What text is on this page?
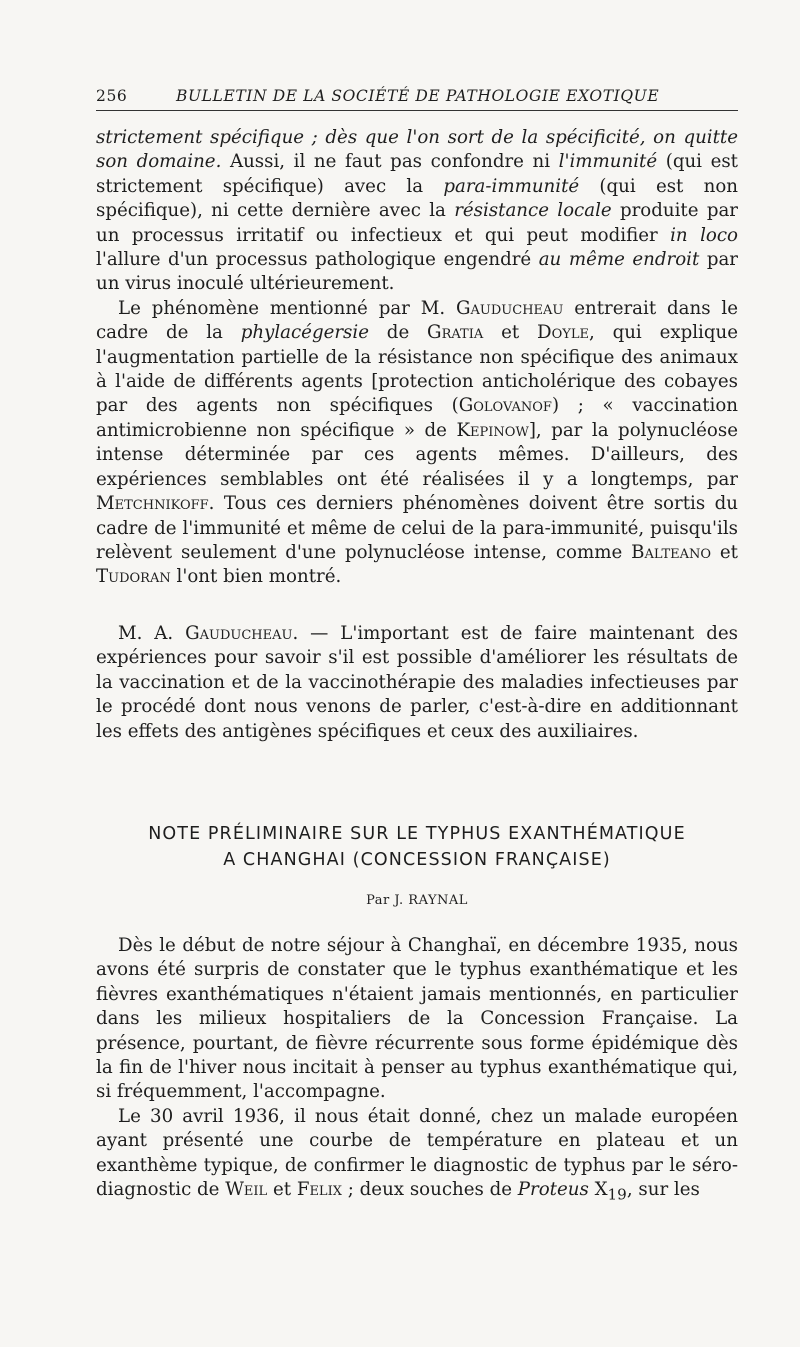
256	BULLETIN DE LA SOCIÉTÉ DE PATHOLOGIE EXOTIQUE

strictement spécifique ; dès que l'on sort de la spécificité, on quitte son domaine. Aussi, il ne faut pas confondre ni l'immunité (qui est strictement spécifique) avec la para-immunité (qui est non spécifique), ni cette dernière avec la résistance locale produite par un processus irritatif ou infectieux et qui peut modifier in loco l'allure d'un processus pathologique engendré au même endroit par un virus inoculé ultérieurement.

Le phénomène mentionné par M. Gauducheau entrerait dans le cadre de la phylacégersie de Gratia et Doyle, qui explique l'augmentation partielle de la résistance non spécifique des animaux à l'aide de différents agents [protection anticholérique des cobayes par des agents non spécifiques (Golovanof) ; « vaccination antimicrobienne non spécifique » de Kepinow], par la polynucléose intense déterminée par ces agents mêmes. D'ailleurs, des expériences semblables ont été réalisées il y a longtemps, par Metchnikoff. Tous ces derniers phénomènes doivent être sortis du cadre de l'immunité et même de celui de la para-immunité, puisqu'ils relèvent seulement d'une polynucléose intense, comme Balteano et Tudoran l'ont bien montré.

M. A. Gauducheau. — L'important est de faire maintenant des expériences pour savoir s'il est possible d'améliorer les résultats de la vaccination et de la vaccinothérapie des maladies infectieuses par le procédé dont nous venons de parler, c'est-à-dire en additionnant les effets des antigènes spécifiques et ceux des auxiliaires.

NOTE PRÉLIMINAIRE SUR LE TYPHUS EXANTHÉMATIQUE
A CHANGHAI (CONCESSION FRANÇAISE)
Par J. RAYNAL

Dès le début de notre séjour à Changhaï, en décembre 1935, nous avons été surpris de constater que le typhus exanthématique et les fièvres exanthématiques n'étaient jamais mentionnés, en particulier dans les milieux hospitaliers de la Concession Française. La présence, pourtant, de fièvre récurrente sous forme épidémique dès la fin de l'hiver nous incitait à penser au typhus exanthématique qui, si fréquemment, l'accompagne.

Le 30 avril 1936, il nous était donné, chez un malade européen ayant présenté une courbe de température en plateau et un exanthème typique, de confirmer le diagnostic de typhus par le séro-diagnostic de Weil et Felix ; deux souches de Proteus $X_{19}$, sur les
